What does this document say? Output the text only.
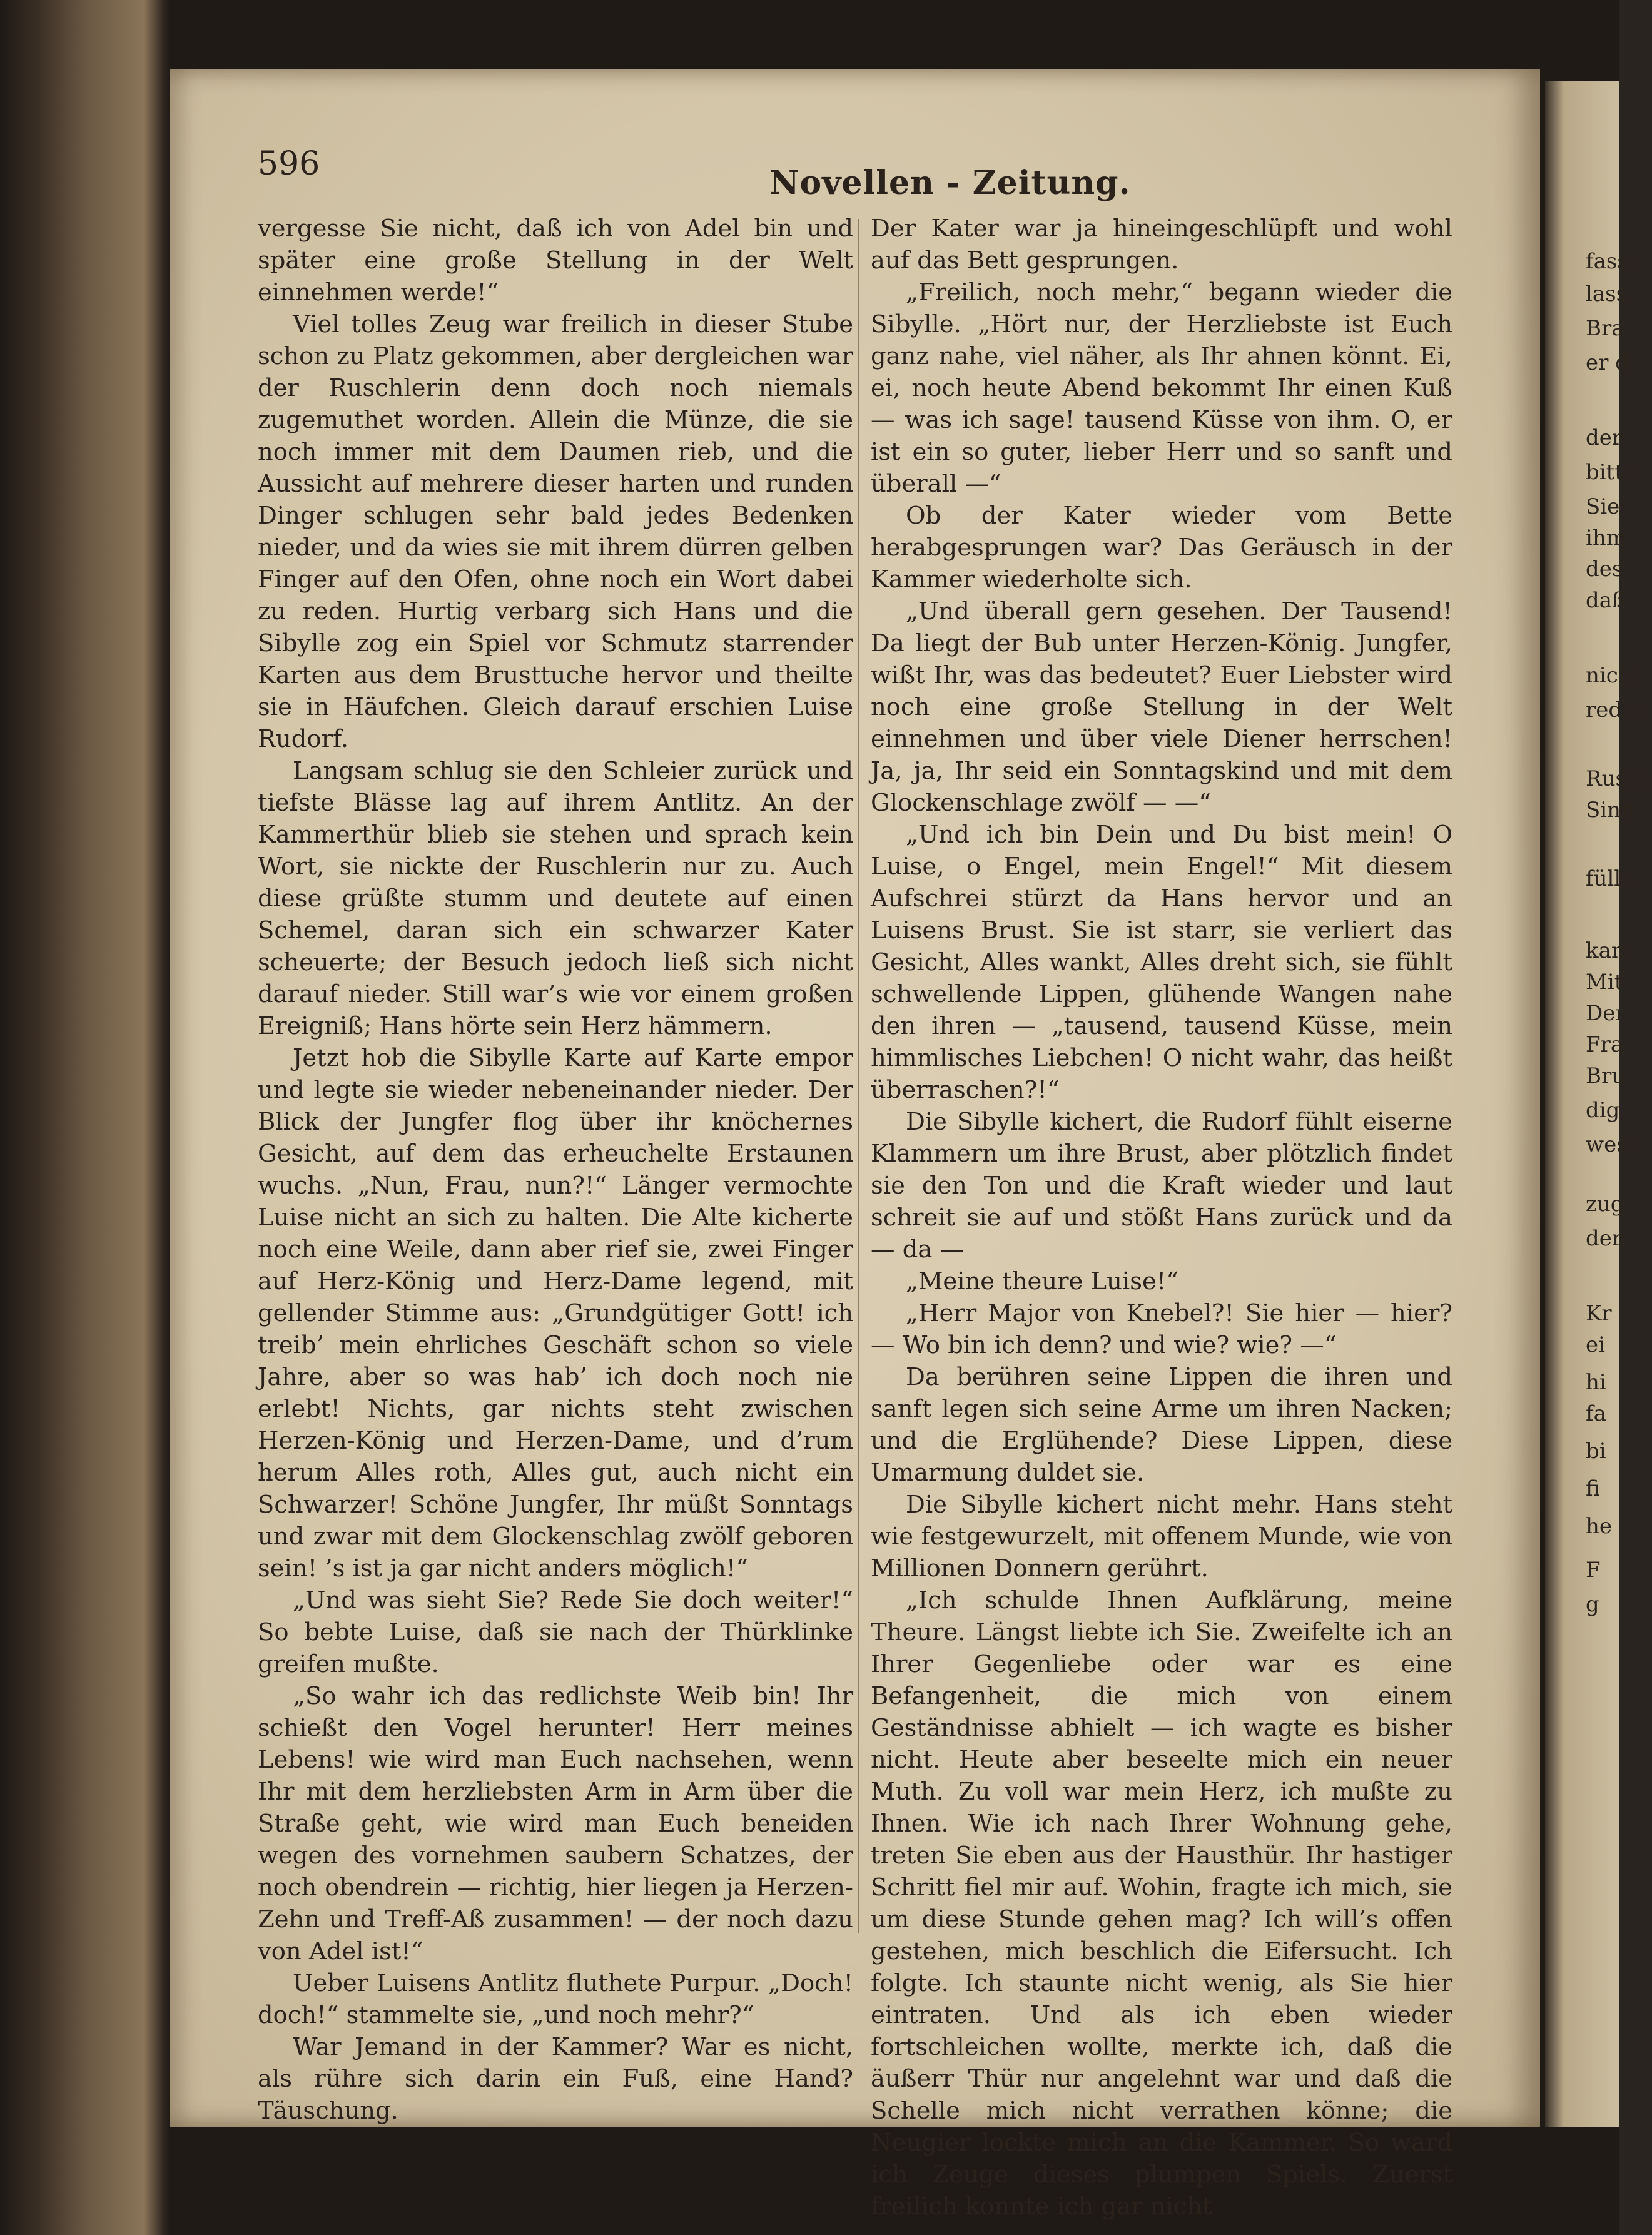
fasse
lass
Bra
er d
der
bitte
Sie
ihm
des
daß
nicht
reden
Rusch
Sinn
füllu
kam
Mit
Der
Fra
Bru
dig
wese
zug
der
Kr
ei
hi
fa
bi
fi
he
F
g
596	Novellen - Zeitung.

vergesse Sie nicht, daß ich von Adel bin und später eine große Stellung in der Welt einnehmen werde!“

Viel tolles Zeug war freilich in dieser Stube schon zu Platz gekommen, aber dergleichen war der Ruschlerin denn doch noch niemals zugemuthet worden. Allein die Münze, die sie noch immer mit dem Daumen rieb, und die Aussicht auf mehrere dieser harten und runden Dinger schlugen sehr bald jedes Bedenken nieder, und da wies sie mit ihrem dürren gelben Finger auf den Ofen, ohne noch ein Wort dabei zu reden. Hurtig verbarg sich Hans und die Sibylle zog ein Spiel vor Schmutz starrender Karten aus dem Brusttuche hervor und theilte sie in Häufchen. Gleich darauf erschien Luise Rudorf.

Langsam schlug sie den Schleier zurück und tiefste Blässe lag auf ihrem Antlitz. An der Kammerthür blieb sie stehen und sprach kein Wort, sie nickte der Ruschlerin nur zu. Auch diese grüßte stumm und deutete auf einen Schemel, daran sich ein schwarzer Kater scheuerte; der Besuch jedoch ließ sich nicht darauf nieder. Still war’s wie vor einem großen Ereigniß; Hans hörte sein Herz hämmern.

Jetzt hob die Sibylle Karte auf Karte empor und legte sie wieder nebeneinander nieder. Der Blick der Jungfer flog über ihr knöchernes Gesicht, auf dem das erheuchelte Erstaunen wuchs. „Nun, Frau, nun?!“ Länger vermochte Luise nicht an sich zu halten. Die Alte kicherte noch eine Weile, dann aber rief sie, zwei Finger auf Herz-König und Herz-Dame legend, mit gellender Stimme aus: „Grundgütiger Gott! ich treib’ mein ehrliches Geschäft schon so viele Jahre, aber so was hab’ ich doch noch nie erlebt! Nichts, gar nichts steht zwischen Herzen-König und Herzen-Dame, und d’rum herum Alles roth, Alles gut, auch nicht ein Schwarzer! Schöne Jungfer, Ihr müßt Sonntags und zwar mit dem Glockenschlag zwölf geboren sein! ’s ist ja gar nicht anders möglich!“

„Und was sieht Sie? Rede Sie doch weiter!“ So bebte Luise, daß sie nach der Thürklinke greifen mußte.

„So wahr ich das redlichste Weib bin! Ihr schießt den Vogel herunter! Herr meines Lebens! wie wird man Euch nachsehen, wenn Ihr mit dem herzliebsten Arm in Arm über die Straße geht, wie wird man Euch beneiden wegen des vornehmen saubern Schatzes, der noch obendrein — richtig, hier liegen ja Herzen-Zehn und Treff-Aß zusammen! — der noch dazu von Adel ist!“

Ueber Luisens Antlitz fluthete Purpur. „Doch! doch!“ stammelte sie, „und noch mehr?“

War Jemand in der Kammer? War es nicht, als rühre sich darin ein Fuß, eine Hand? Täuschung.

Der Kater war ja hineingeschlüpft und wohl auf das Bett gesprungen.

„Freilich, noch mehr,“ begann wieder die Sibylle. „Hört nur, der Herzliebste ist Euch ganz nahe, viel näher, als Ihr ahnen könnt. Ei, ei, noch heute Abend bekommt Ihr einen Kuß — was ich sage! tausend Küsse von ihm. O, er ist ein so guter, lieber Herr und so sanft und überall —“

Ob der Kater wieder vom Bette herabgesprungen war? Das Geräusch in der Kammer wiederholte sich.

„Und überall gern gesehen. Der Tausend! Da liegt der Bub unter Herzen-König. Jungfer, wißt Ihr, was das bedeutet? Euer Liebster wird noch eine große Stellung in der Welt einnehmen und über viele Diener herrschen! Ja, ja, Ihr seid ein Sonntagskind und mit dem Glockenschlage zwölf — —“

„Und ich bin Dein und Du bist mein! O Luise, o Engel, mein Engel!“ Mit diesem Aufschrei stürzt da Hans hervor und an Luisens Brust. Sie ist starr, sie verliert das Gesicht, Alles wankt, Alles dreht sich, sie fühlt schwellende Lippen, glühende Wangen nahe den ihren — „tausend, tausend Küsse, mein himmlisches Liebchen! O nicht wahr, das heißt überraschen?!“

Die Sibylle kichert, die Rudorf fühlt eiserne Klammern um ihre Brust, aber plötzlich findet sie den Ton und die Kraft wieder und laut schreit sie auf und stößt Hans zurück und da — da —

„Meine theure Luise!“

„Herr Major von Knebel?! Sie hier — hier? — Wo bin ich denn? und wie? wie? —“

Da berühren seine Lippen die ihren und sanft legen sich seine Arme um ihren Nacken; und die Erglühende? Diese Lippen, diese Umarmung duldet sie.

Die Sibylle kichert nicht mehr. Hans steht wie festgewurzelt, mit offenem Munde, wie von Millionen Donnern gerührt.

„Ich schulde Ihnen Aufklärung, meine Theure. Längst liebte ich Sie. Zweifelte ich an Ihrer Gegenliebe oder war es eine Befangenheit, die mich von einem Geständnisse abhielt — ich wagte es bisher nicht. Heute aber beseelte mich ein neuer Muth. Zu voll war mein Herz, ich mußte zu Ihnen. Wie ich nach Ihrer Wohnung gehe, treten Sie eben aus der Hausthür. Ihr hastiger Schritt fiel mir auf. Wohin, fragte ich mich, sie um diese Stunde gehen mag? Ich will’s offen gestehen, mich beschlich die Eifersucht. Ich folgte. Ich staunte nicht wenig, als Sie hier eintraten. Und als ich eben wieder fortschleichen wollte, merkte ich, daß die äußerr Thür nur angelehnt war und daß die Schelle mich nicht verrathen könne; die Neugier lockte mich an die Kammer. So ward ich Zeuge dieses plumpen Spiels. Zuerst freilich konnte ich gar nicht
